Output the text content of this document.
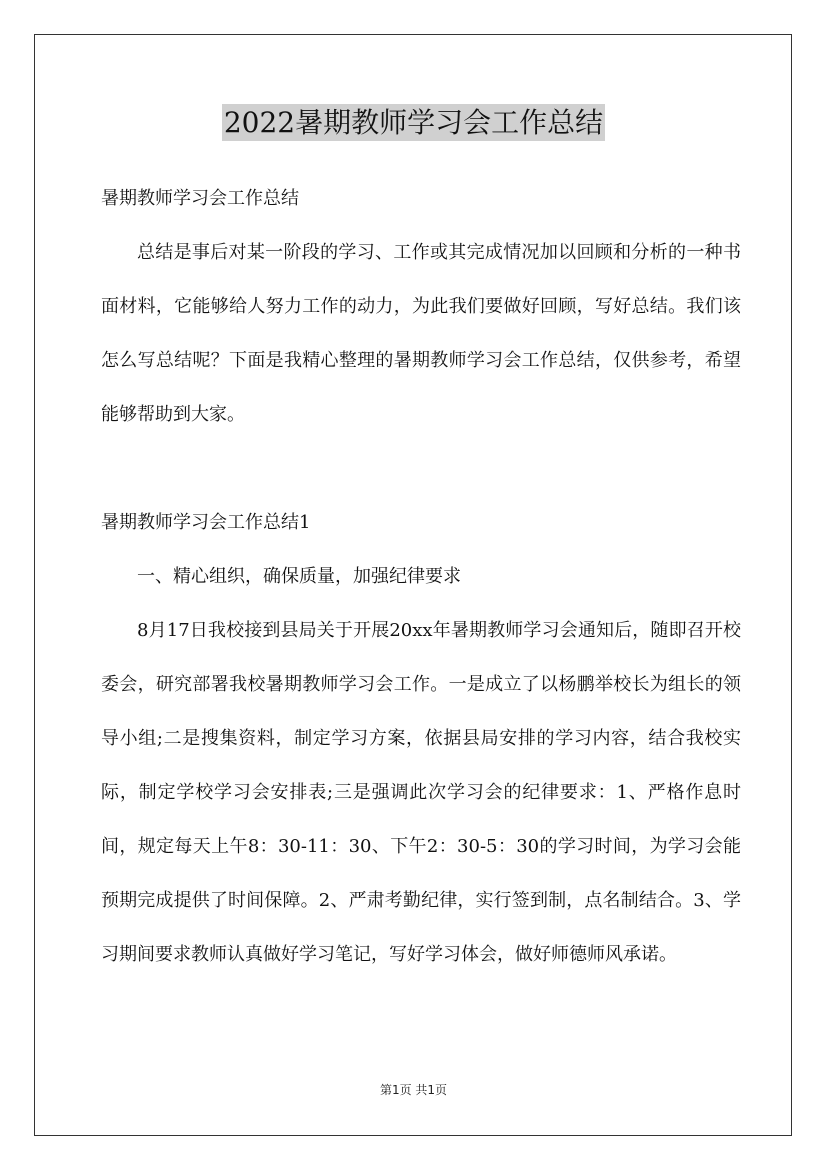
2022暑期教师学习会工作总结

暑期教师学习会工作总结

总结是事后对某一阶段的学习、工作或其完成情况加以回顾和分析的一种书面材料，它能够给人努力工作的动力，为此我们要做好回顾，写好总结。我们该怎么写总结呢？下面是我精心整理的暑期教师学习会工作总结，仅供参考，希望能够帮助到大家。

暑期教师学习会工作总结1

一、精心组织，确保质量，加强纪律要求

8月17日我校接到县局关于开展20xx年暑期教师学习会通知后，随即召开校委会，研究部署我校暑期教师学习会工作。一是成立了以杨鹏举校长为组长的领导小组;二是搜集资料，制定学习方案，依据县局安排的学习内容，结合我校实际，制定学校学习会安排表;三是强调此次学习会的纪律要求：1、严格作息时间，规定每天上午8：30-11：30、下午2：30-5：30的学习时间，为学习会能预期完成提供了时间保障。2、严肃考勤纪律，实行签到制，点名制结合。3、学习期间要求教师认真做好学习笔记，写好学习体会，做好师德师风承诺。

第1页 共1页
